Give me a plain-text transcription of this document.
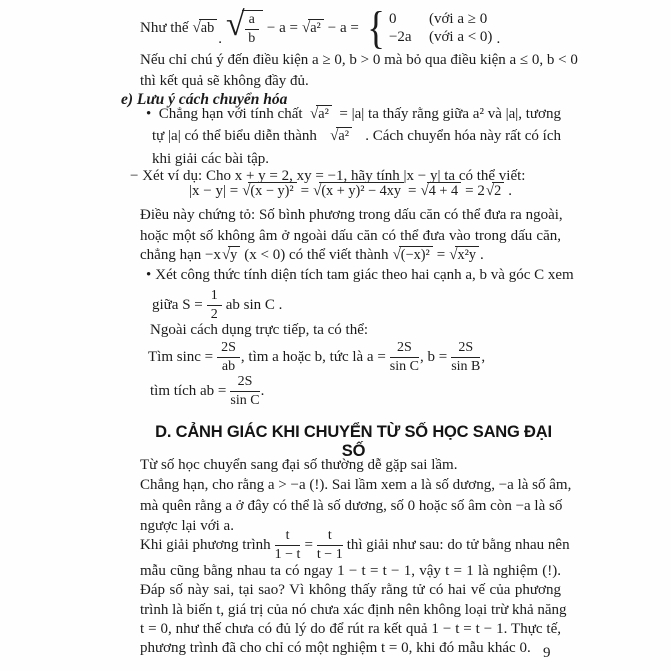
Như thế √ ab
. √ $\frac{a}{b} - a$ = √ a² − a = { 0	(với a ≥ 0
−2a	(với a < 0) .
Nếu chỉ chú ý đến điều kiện a ≥ 0, b > 0 mà bỏ qua điều kiện a ≤ 0, b < 0
thì kết quả sẽ không đầy đủ.
e) Lưu ý cách chuyển hóa
• Chẳng hạn với tính chất √ a² = |a| ta thấy rằng giữa a² và |a|, tương
tự |a| có thể biểu diễn thành √ a² . Cách chuyển hóa này rất có ích
khi giải các bài tập.
− Xét ví dụ: Cho x + y = 2, xy = −1, hãy tính |x − y| ta có thể viết:
|x − y| = √ (x − y)² = √ (x + y)² − 4xy = √ 4 + 4 = 2 √ 2 .
Điều này chứng tỏ: Số bình phương trong dấu căn có thể đưa ra ngoài,
hoặc một số không âm ở ngoài dấu căn có thể đưa vào trong dấu căn,
chẳng hạn −x √ y (x < 0) có thể viết thành √ (−x)² = √ x²y .
• Xét công thức tính diện tích tam giác theo hai cạnh a, b và góc C xem
giữa $S = \frac{1}{2}$ ab sin C .
Ngoài cách dụng trực tiếp, ta có thể:
Tìm $\sin c = \frac{2S}{ab}$ , tìm a hoặc b, tức là $a = \frac{2S}{\text{sin C}}$ , $b = \frac{2S}{\text{sin B}}$ ,
tìm tích ab = $\frac{2S}{\text{sin C}}$ .
D. CẢNH GIÁC KHI CHUYỂN TỪ SỐ HỌC SANG ĐẠI SỐ
Từ số học chuyển sang đại số thường dễ gặp sai lầm.
Chẳng hạn, cho rằng a > −a (!). Sai lầm xem a là số dương, −a là số âm,
mà quên rằng a ở đây có thể là số dương, số 0 hoặc số âm còn −a là số
ngược lại với a.
Khi giải phương trình $\frac{t}{1 - t} = \frac{t}{t - 1}$ thì giải như sau: do tử bằng nhau nên
mẫu cũng bằng nhau ta có ngay 1 − t = t − 1, vậy t = 1 là nghiệm (!).
Đáp số này sai, tại sao? Vì không thấy rằng tử có hai vế của phương
trình là biến t, giá trị của nó chưa xác định nên không loại trừ khả năng
t = 0, như thế chưa có đủ lý do để rút ra kết quả 1 − t = t − 1. Thực tế,
phương trình đã cho chỉ có một nghiệm t = 0, khi đó mẫu khác 0. 9
